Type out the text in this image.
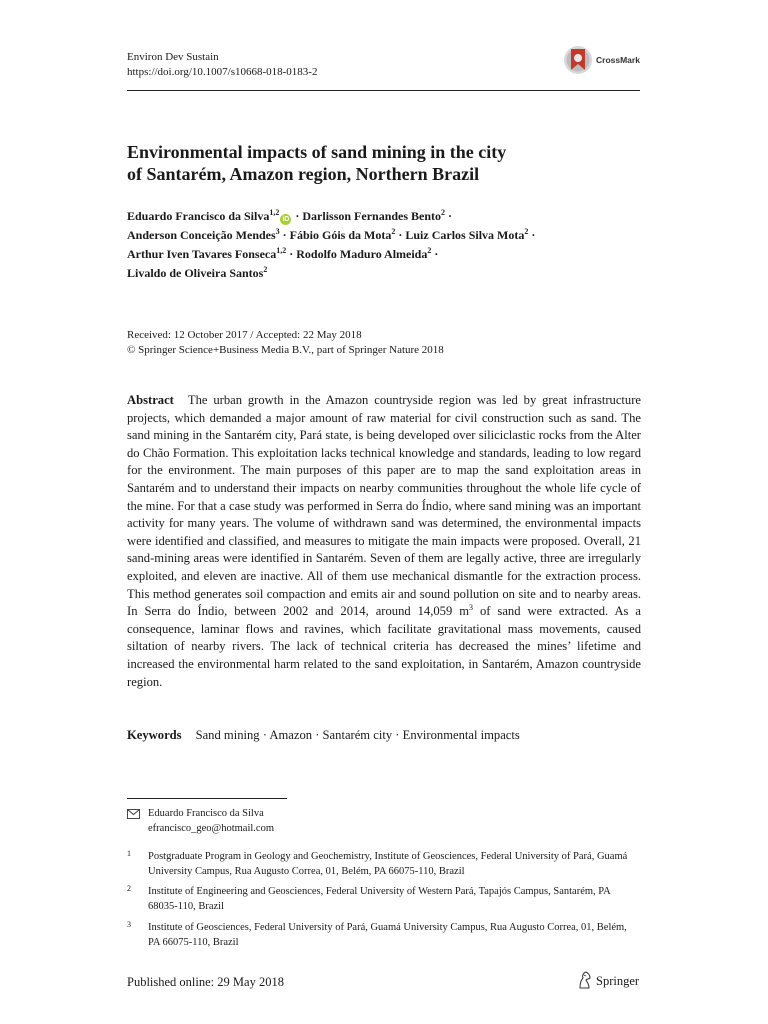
Environ Dev Sustain
https://doi.org/10.1007/s10668-018-0183-2
CrossMark
Environmental impacts of sand mining in the city
of Santarém, Amazon region, Northern Brazil
Eduardo Francisco da Silva$^{1,2}$iD · Darlisson Fernandes Bento$^2$ ·
Anderson Conceição Mendes$^3$ · Fábio Góis da Mota$^2$ · Luiz Carlos Silva Mota$^2$ ·
Arthur Iven Tavares Fonseca$^{1,2}$ · Rodolfo Maduro Almeida$^2$ ·
Livaldo de Oliveira Santos$^2$
Received: 12 October 2017 / Accepted: 22 May 2018
© Springer Science+Business Media B.V., part of Springer Nature 2018
Abstract The urban growth in the Amazon countryside region was led by great infrastructure projects, which demanded a major amount of raw material for civil construction such as sand. The sand mining in the Santarém city, Pará state, is being developed over siliciclastic rocks from the Alter do Chão Formation. This exploitation lacks technical knowledge and standards, leading to low regard for the environment. The main purposes of this paper are to map the sand exploitation areas in Santarém and to understand their impacts on nearby communities throughout the whole life cycle of the mine. For that a case study was performed in Serra do Índio, where sand mining was an important activity for many years. The volume of withdrawn sand was determined, the environmental impacts were identified and classified, and measures to mitigate the main impacts were proposed. Overall, 21 sand-mining areas were identified in Santarém. Seven of them are legally active, three are irregularly exploited, and eleven are inactive. All of them use mechanical dismantle for the extraction process. This method generates soil compaction and emits air and sound pollution on site and to nearby areas. In Serra do Índio, between 2002 and 2014, around 14,059 $m^3$ of sand were extracted. As a consequence, laminar flows and ravines, which facilitate gravitational mass movements, caused siltation of nearby rivers. The lack of technical criteria has decreased the mines’ lifetime and increased the environmental harm related to the sand exploitation, in Santarém, Amazon countryside region.
Keywords Sand mining · Amazon · Santarém city · Environmental impacts
Eduardo Francisco da Silva
efrancisco_geo@hotmail.com
1 Postgraduate Program in Geology and Geochemistry, Institute of Geosciences, Federal University of Pará, Guamá University Campus, Rua Augusto Correa, 01, Belém, PA 66075-110, Brazil
2 Institute of Engineering and Geosciences, Federal University of Western Pará, Tapajós Campus, Santarém, PA 68035-110, Brazil
3 Institute of Geosciences, Federal University of Pará, Guamá University Campus, Rua Augusto Correa, 01, Belém, PA 66075-110, Brazil
Published online: 29 May 2018	Springer
